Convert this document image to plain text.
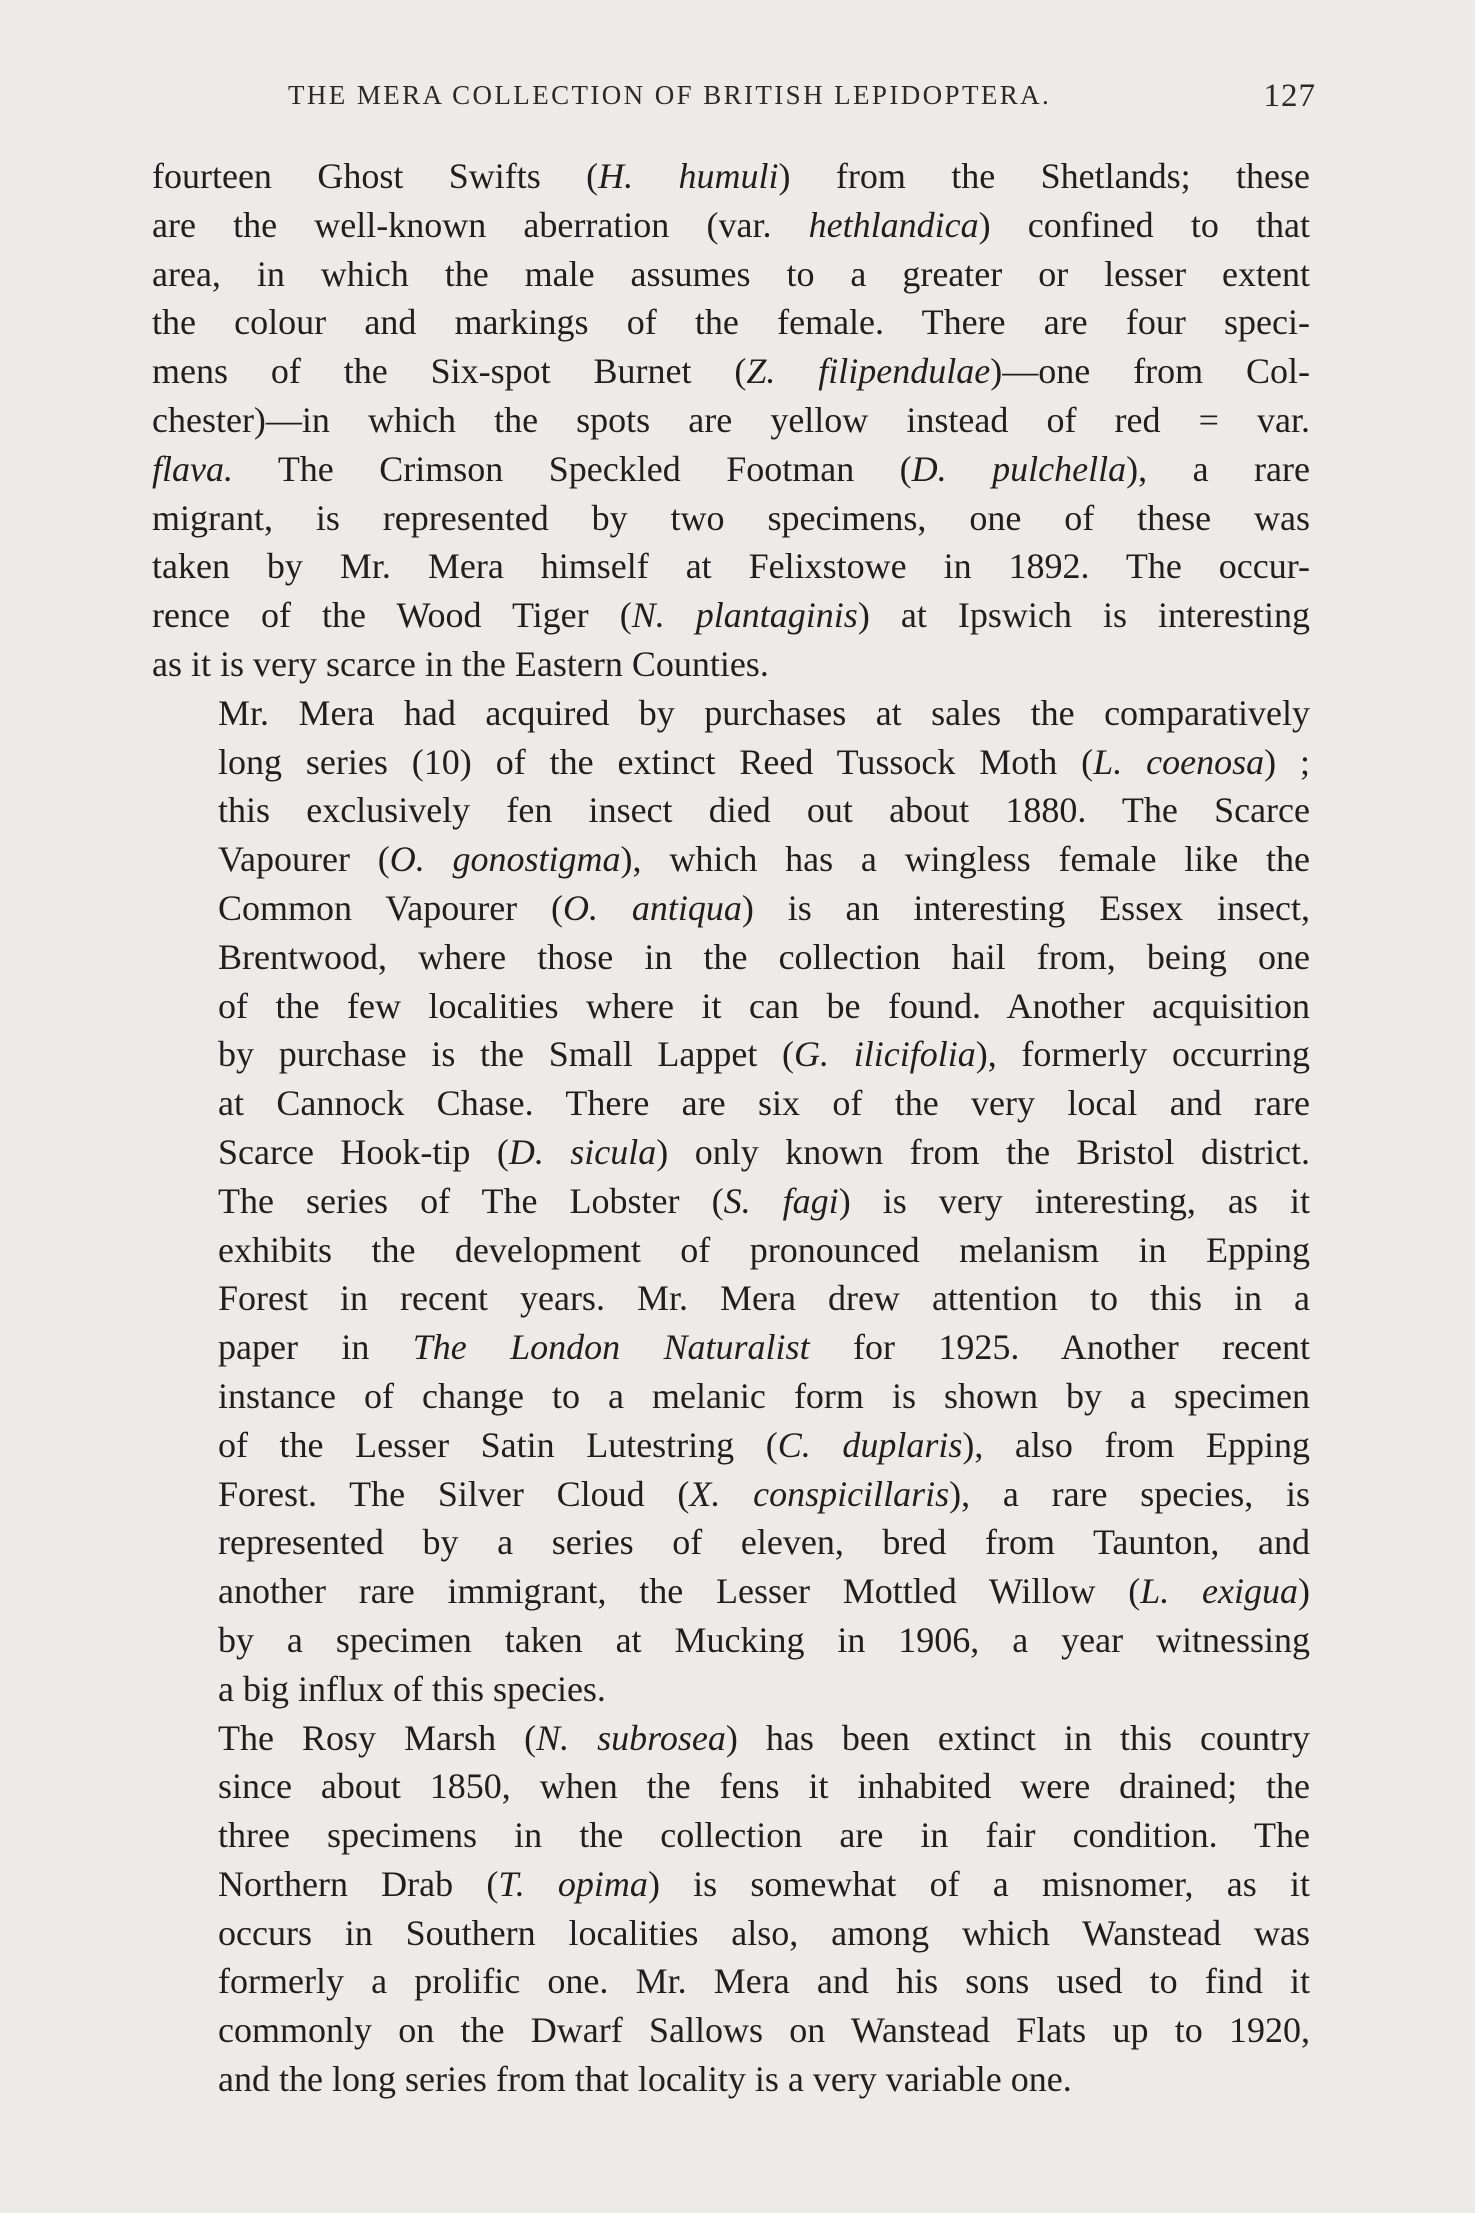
THE MERA COLLECTION OF BRITISH LEPIDOPTERA.	127
fourteen Ghost Swifts (H. humuli) from the Shetlands; these
are the well-known aberration (var. hethlandica) confined to that
area, in which the male assumes to a greater or lesser extent
the colour and markings of the female. There are four speci-
mens of the Six-spot Burnet (Z. filipendulae)—one from Col-
chester)—in which the spots are yellow instead of red = var.
flava. The Crimson Speckled Footman (D. pulchella), a rare
migrant, is represented by two specimens, one of these was
taken by Mr. Mera himself at Felixstowe in 1892. The occur-
rence of the Wood Tiger (N. plantaginis) at Ipswich is interesting
as it is very scarce in the Eastern Counties.
Mr. Mera had acquired by purchases at sales the comparatively
long series (10) of the extinct Reed Tussock Moth (L. coenosa) ;
this exclusively fen insect died out about 1880. The Scarce
Vapourer (O. gonostigma), which has a wingless female like the
Common Vapourer (O. antiqua) is an interesting Essex insect,
Brentwood, where those in the collection hail from, being one
of the few localities where it can be found. Another acquisition
by purchase is the Small Lappet (G. ilicifolia), formerly occurring
at Cannock Chase. There are six of the very local and rare
Scarce Hook-tip (D. sicula) only known from the Bristol district.
The series of The Lobster (S. fagi) is very interesting, as it
exhibits the development of pronounced melanism in Epping
Forest in recent years. Mr. Mera drew attention to this in a
paper in The London Naturalist for 1925. Another recent
instance of change to a melanic form is shown by a specimen
of the Lesser Satin Lutestring (C. duplaris), also from Epping
Forest. The Silver Cloud (X. conspicillaris), a rare species, is
represented by a series of eleven, bred from Taunton, and
another rare immigrant, the Lesser Mottled Willow (L. exigua)
by a specimen taken at Mucking in 1906, a year witnessing
a big influx of this species.
The Rosy Marsh (N. subrosea) has been extinct in this country
since about 1850, when the fens it inhabited were drained; the
three specimens in the collection are in fair condition. The
Northern Drab (T. opima) is somewhat of a misnomer, as it
occurs in Southern localities also, among which Wanstead was
formerly a prolific one. Mr. Mera and his sons used to find it
commonly on the Dwarf Sallows on Wanstead Flats up to 1920,
and the long series from that locality is a very variable one.
